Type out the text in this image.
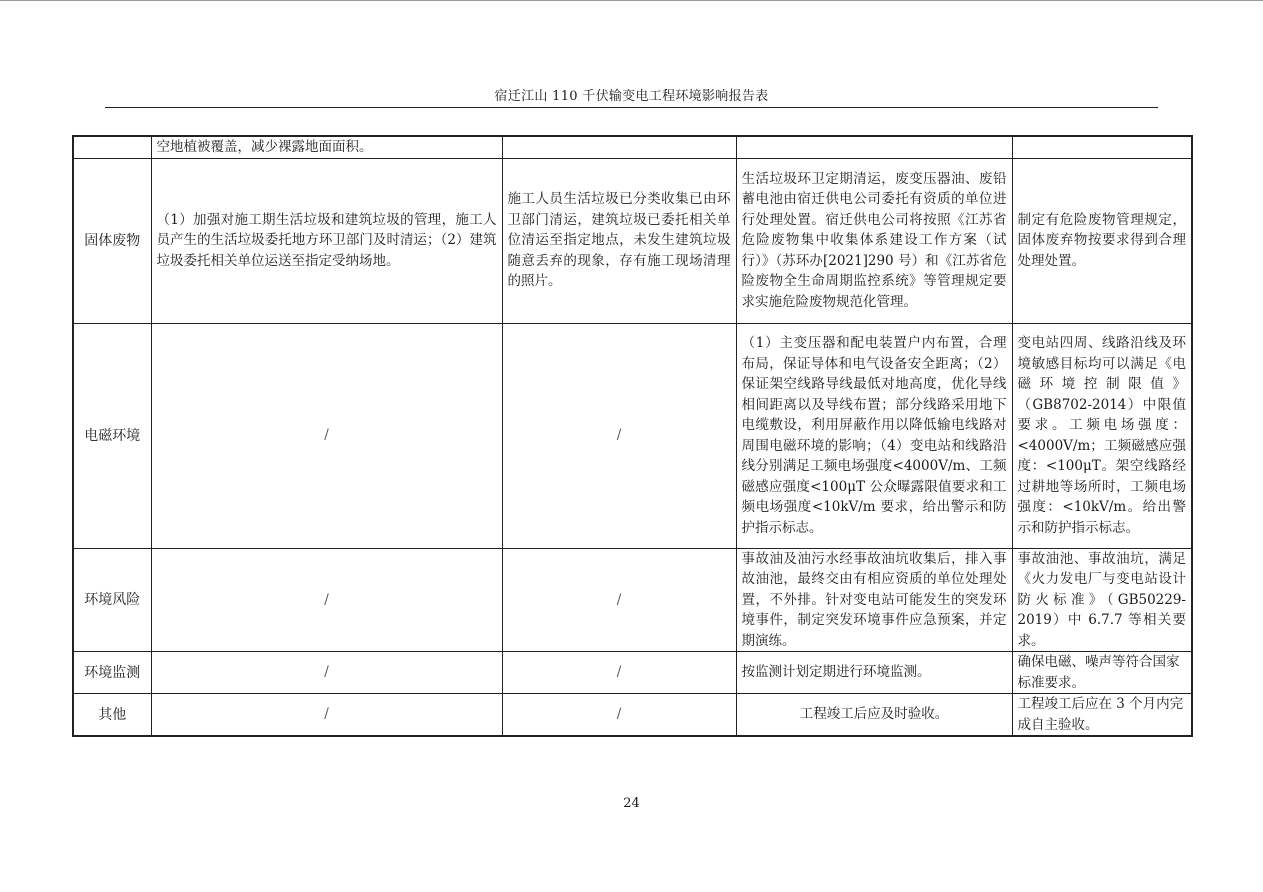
宿迁江山 110 千伏输变电工程环境影响报告表
	空地植被覆盖，减少裸露地面面积。			
固体废物	（1）加强对施工期生活垃圾和建筑垃圾的管理，施工人员产生的生活垃圾委托地方环卫部门及时清运；（2）建筑垃圾委托相关单位运送至指定受纳场地。	施工人员生活垃圾已分类收集已由环卫部门清运，建筑垃圾已委托相关单位清运至指定地点，未发生建筑垃圾随意丢弃的现象，存有施工现场清理的照片。	生活垃圾环卫定期清运，废变压器油、废铅蓄电池由宿迁供电公司委托有资质的单位进行处理处置。宿迁供电公司将按照《江苏省危险废物集中收集体系建设工作方案（试行）》（苏环办[2021]290 号）和《江苏省危险废物全生命周期监控系统》等管理规定要求实施危险废物规范化管理。	制定有危险废物管理规定，固体废弃物按要求得到合理处理处置。
电磁环境	/	/	（1）主变压器和配电装置户内布置，合理布局，保证导体和电气设备安全距离；（2）保证架空线路导线最低对地高度，优化导线相间距离以及导线布置；部分线路采用地下电缆敷设，利用屏蔽作用以降低输电线路对周围电磁环境的影响；（4）变电站和线路沿线分别满足工频电场强度<4000V/m、工频磁感应强度<100μT 公众曝露限值要求和工频电场强度<10kV/m 要求，给出警示和防护指示标志。	变电站四周、线路沿线及环境敏感目标均可以满足《电磁环境控制限值》（GB8702-2014）中限值要求。工频电场强度：<4000V/m；工频磁感应强度：<100μT。架空线路经过耕地等场所时，工频电场强度：<10kV/m。给出警示和防护指示标志。
环境风险	/	/	事故油及油污水经事故油坑收集后，排入事故油池，最终交由有相应资质的单位处理处置，不外排。针对变电站可能发生的突发环境事件，制定突发环境事件应急预案，并定期演练。	事故油池、事故油坑，满足《火力发电厂与变电站设计防火标准》（GB50229-2019）中 6.7.7 等相关要求。
环境监测	/	/	按监测计划定期进行环境监测。	确保电磁、噪声等符合国家标准要求。
其他	/	/	工程竣工后应及时验收。	工程竣工后应在 3 个月内完成自主验收。
24
